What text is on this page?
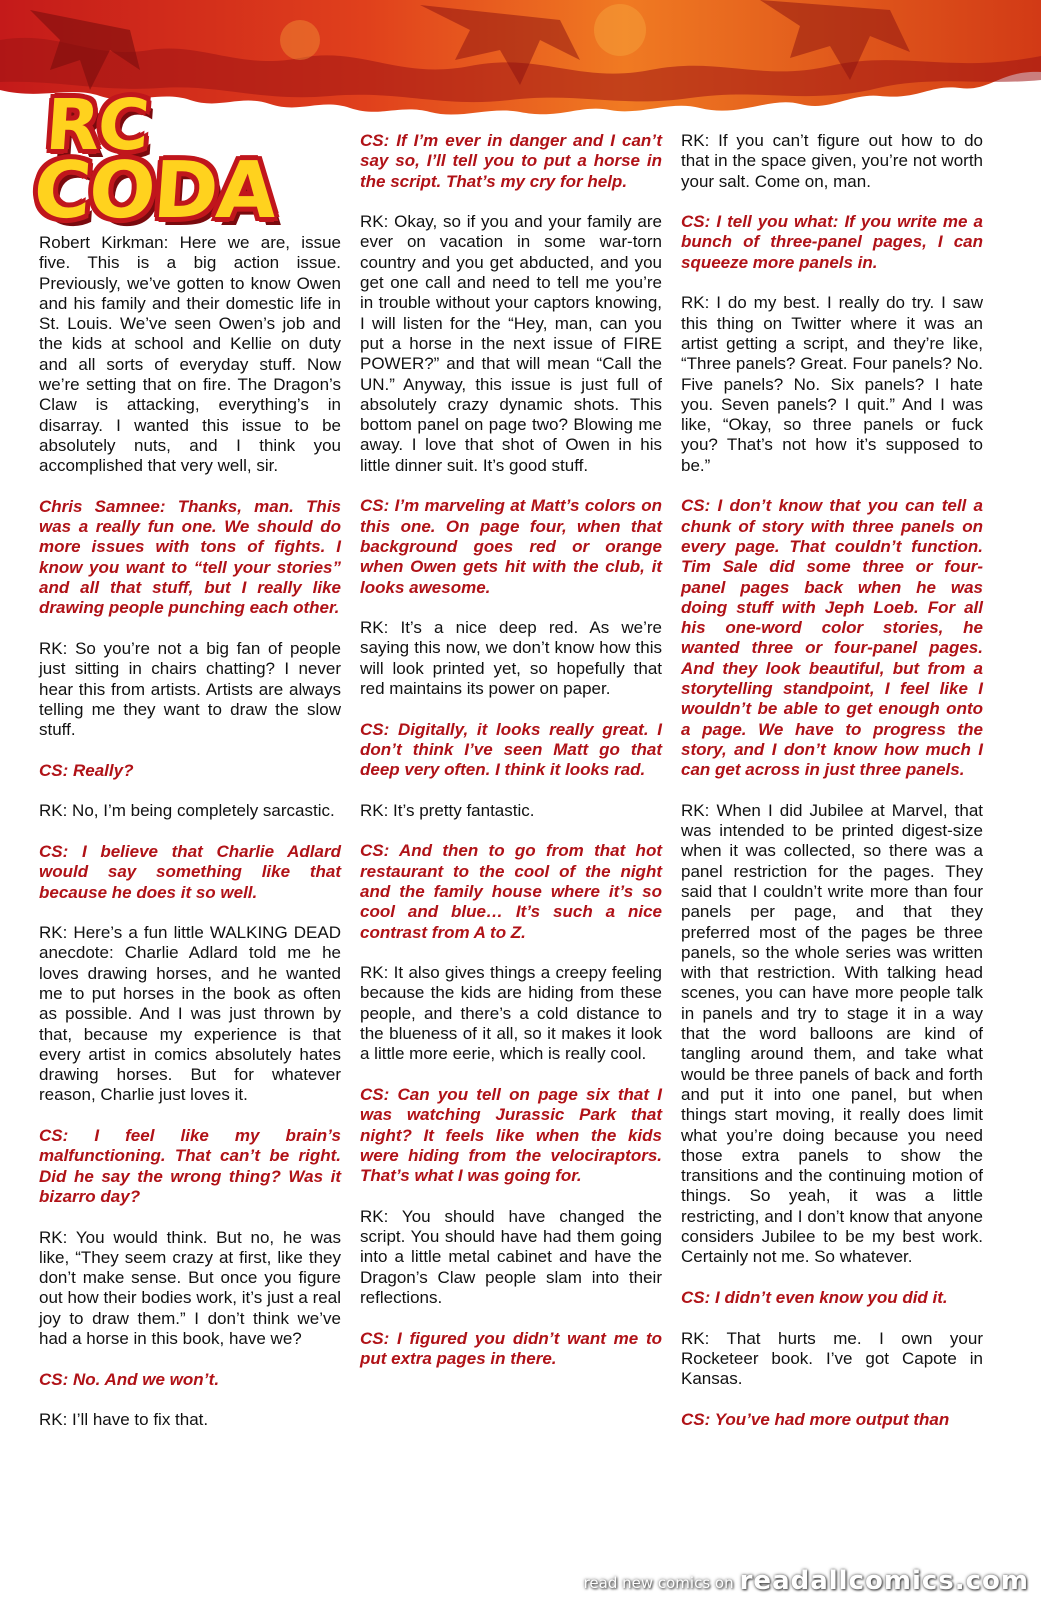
RC
CODA

Robert Kirkman: Here we are, issue five. This is a big action issue. Previously, we’ve gotten to know Owen and his family and their domestic life in St. Louis. We’ve seen Owen’s job and the kids at school and Kellie on duty and all sorts of everyday stuff. Now we’re setting that on fire. The Dragon’s Claw is attacking, everything’s in disarray. I wanted this issue to be absolutely nuts, and I think you accomplished that very well, sir.

Chris Samnee: Thanks, man. This was a really fun one. We should do more issues with tons of fights. I know you want to “tell your stories” and all that stuff, but I really like drawing people punching each other.

RK: So you’re not a big fan of people just sitting in chairs chatting? I never hear this from artists. Artists are always telling me they want to draw the slow stuff.

CS: Really?

RK: No, I’m being completely sarcastic.

CS: I believe that Charlie Adlard would say something like that because he does it so well.

RK: Here’s a fun little WALKING DEAD anecdote: Charlie Adlard told me he loves drawing horses, and he wanted me to put horses in the book as often as possible. And I was just thrown by that, because my experience is that every artist in comics absolutely hates drawing horses. But for whatever reason, Charlie just loves it.

CS: I feel like my brain’s malfunctioning. That can’t be right. Did he say the wrong thing? Was it bizarro day?

RK: You would think. But no, he was like, “They seem crazy at first, like they don’t make sense. But once you figure out how their bodies work, it’s just a real joy to draw them.” I don’t think we’ve had a horse in this book, have we?

CS: No. And we won’t.

RK: I’ll have to fix that.

CS: If I’m ever in danger and I can’t say so, I’ll tell you to put a horse in the script. That’s my cry for help.

RK: Okay, so if you and your family are ever on vacation in some war-torn country and you get abducted, and you get one call and need to tell me you’re in trouble without your captors knowing, I will listen for the “Hey, man, can you put a horse in the next issue of FIRE POWER?” and that will mean “Call the UN.” Anyway, this issue is just full of absolutely crazy dynamic shots. This bottom panel on page two? Blowing me away. I love that shot of Owen in his little dinner suit. It’s good stuff.

CS: I’m marveling at Matt’s colors on this one. On page four, when that background goes red or orange when Owen gets hit with the club, it looks awesome.

RK: It’s a nice deep red. As we’re saying this now, we don’t know how this will look printed yet, so hopefully that red maintains its power on paper.

CS: Digitally, it looks really great. I don’t think I’ve seen Matt go that deep very often. I think it looks rad.

RK: It’s pretty fantastic.

CS: And then to go from that hot restaurant to the cool of the night and the family house where it’s so cool and blue… It’s such a nice contrast from A to Z.

RK: It also gives things a creepy feeling because the kids are hiding from these people, and there’s a cold distance to the blueness of it all, so it makes it look a little more eerie, which is really cool.

CS: Can you tell on page six that I was watching Jurassic Park that night? It feels like when the kids were hiding from the velociraptors. That’s what I was going for.

RK: You should have changed the script. You should have had them going into a little metal cabinet and have the Dragon’s Claw people slam into their reflections.

CS: I figured you didn’t want me to put extra pages in there.

RK: If you can’t figure out how to do that in the space given, you’re not worth your salt. Come on, man.

CS: I tell you what: If you write me a bunch of three-panel pages, I can squeeze more panels in.

RK: I do my best. I really do try. I saw this thing on Twitter where it was an artist getting a script, and they’re like, “Three panels? Great. Four panels? No. Five panels? No. Six panels? I hate you. Seven panels? I quit.” And I was like, “Okay, so three panels or fuck you? That’s not how it’s supposed to be.”

CS: I don’t know that you can tell a chunk of story with three panels on every page. That couldn’t function. Tim Sale did some three or four-panel pages back when he was doing stuff with Jeph Loeb. For all his one-word color stories, he wanted three or four-panel pages. And they look beautiful, but from a storytelling standpoint, I feel like I wouldn’t be able to get enough onto a page. We have to progress the story, and I don’t know how much I can get across in just three panels.

RK: When I did Jubilee at Marvel, that was intended to be printed digest-size when it was collected, so there was a panel restriction for the pages. They said that I couldn’t write more than four panels per page, and that they preferred most of the pages be three panels, so the whole series was written with that restriction. With talking head scenes, you can have more people talk in panels and try to stage it in a way that the word balloons are kind of tangling around them, and take what would be three panels of back and forth and put it into one panel, but when things start moving, it really does limit what you’re doing because you need those extra panels to show the transitions and the continuing motion of things. So yeah, it was a little restricting, and I don’t know that anyone considers Jubilee to be my best work. Certainly not me. So whatever.

CS: I didn’t even know you did it.

RK: That hurts me. I own your Rocketeer book. I’ve got Capote in Kansas.

CS: You’ve had more output than

read new comics on readallcomics.com
